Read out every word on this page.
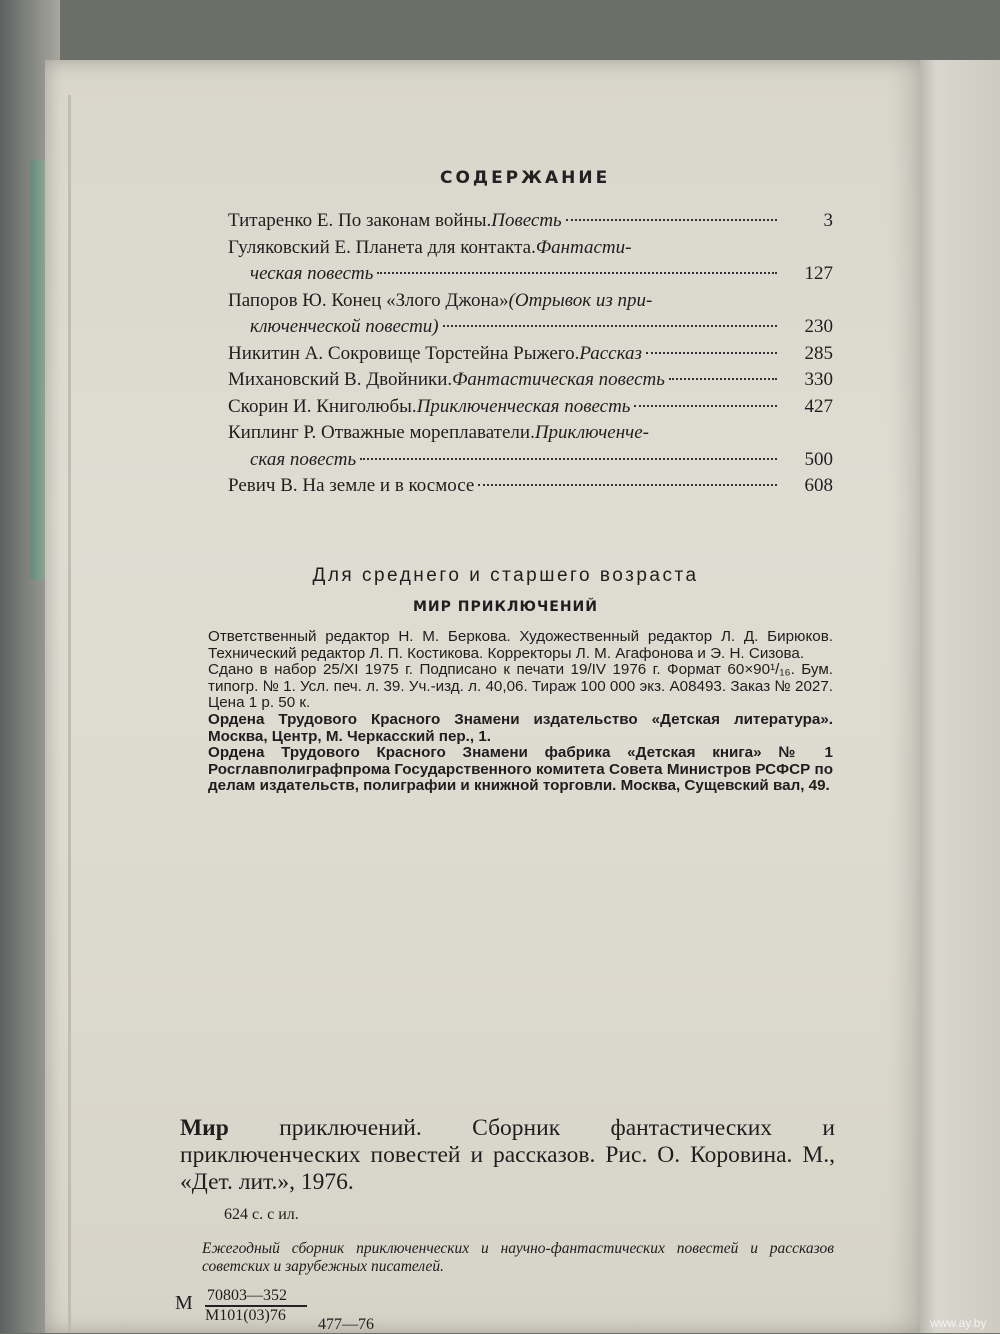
СОДЕРЖАНИЕ
Титаренко Е. По законам войны. Повесть	3
Гуляковский Е. Планета для контакта. Фантасти-
ческая повесть	127
Папоров Ю. Конец «Злого Джона» (Отрывок из при-
ключенческой повести)	230
Никитин А. Сокровище Торстейна Рыжего. Рассказ	285
Михановский В. Двойники. Фантастическая повесть	330
Скорин И. Книголюбы. Приключенческая повесть	427
Киплинг Р. Отважные мореплаватели. Приключенче-
ская повесть	500
Ревич В. На земле и в космосе	608
Для среднего и старшего возраста
МИР ПРИКЛЮЧЕНИЙ

Ответственный редактор Н. М. Беркова. Художественный редактор Л. Д. Бирюков. Технический редактор Л. П. Костикова. Корректоры Л. М. Агафонова и Э. Н. Сизова.

Сдано в набор 25/XI 1975 г. Подписано к печати 19/IV 1976 г. Формат 60×90¹/₁₆. Бум. типогр. № 1. Усл. печ. л. 39. Уч.-изд. л. 40,06. Тираж 100 000 экз. А08493. Заказ № 2027. Цена 1 р. 50 к.

Ордена Трудового Красного Знамени издательство «Детская литература». Москва, Центр, М. Черкасский пер., 1.

Ордена Трудового Красного Знамени фабрика «Детская книга» № 1 Росглавполиграфпрома Государственного комитета Совета Министров РСФСР по делам издательств, полиграфии и книжной торговли. Москва, Сущевский вал, 49.

Мир приключений. Сборник фантастических и приключенческих повестей и рассказов. Рис. О. Коровина. М., «Дет. лит.», 1976.
624 с. с ил.
Ежегодный сборник приключенческих и научно-фантастических повестей и рассказов советских и зарубежных писателей.
М 70803—352
М101(03)76
477—76	www.ay.by
